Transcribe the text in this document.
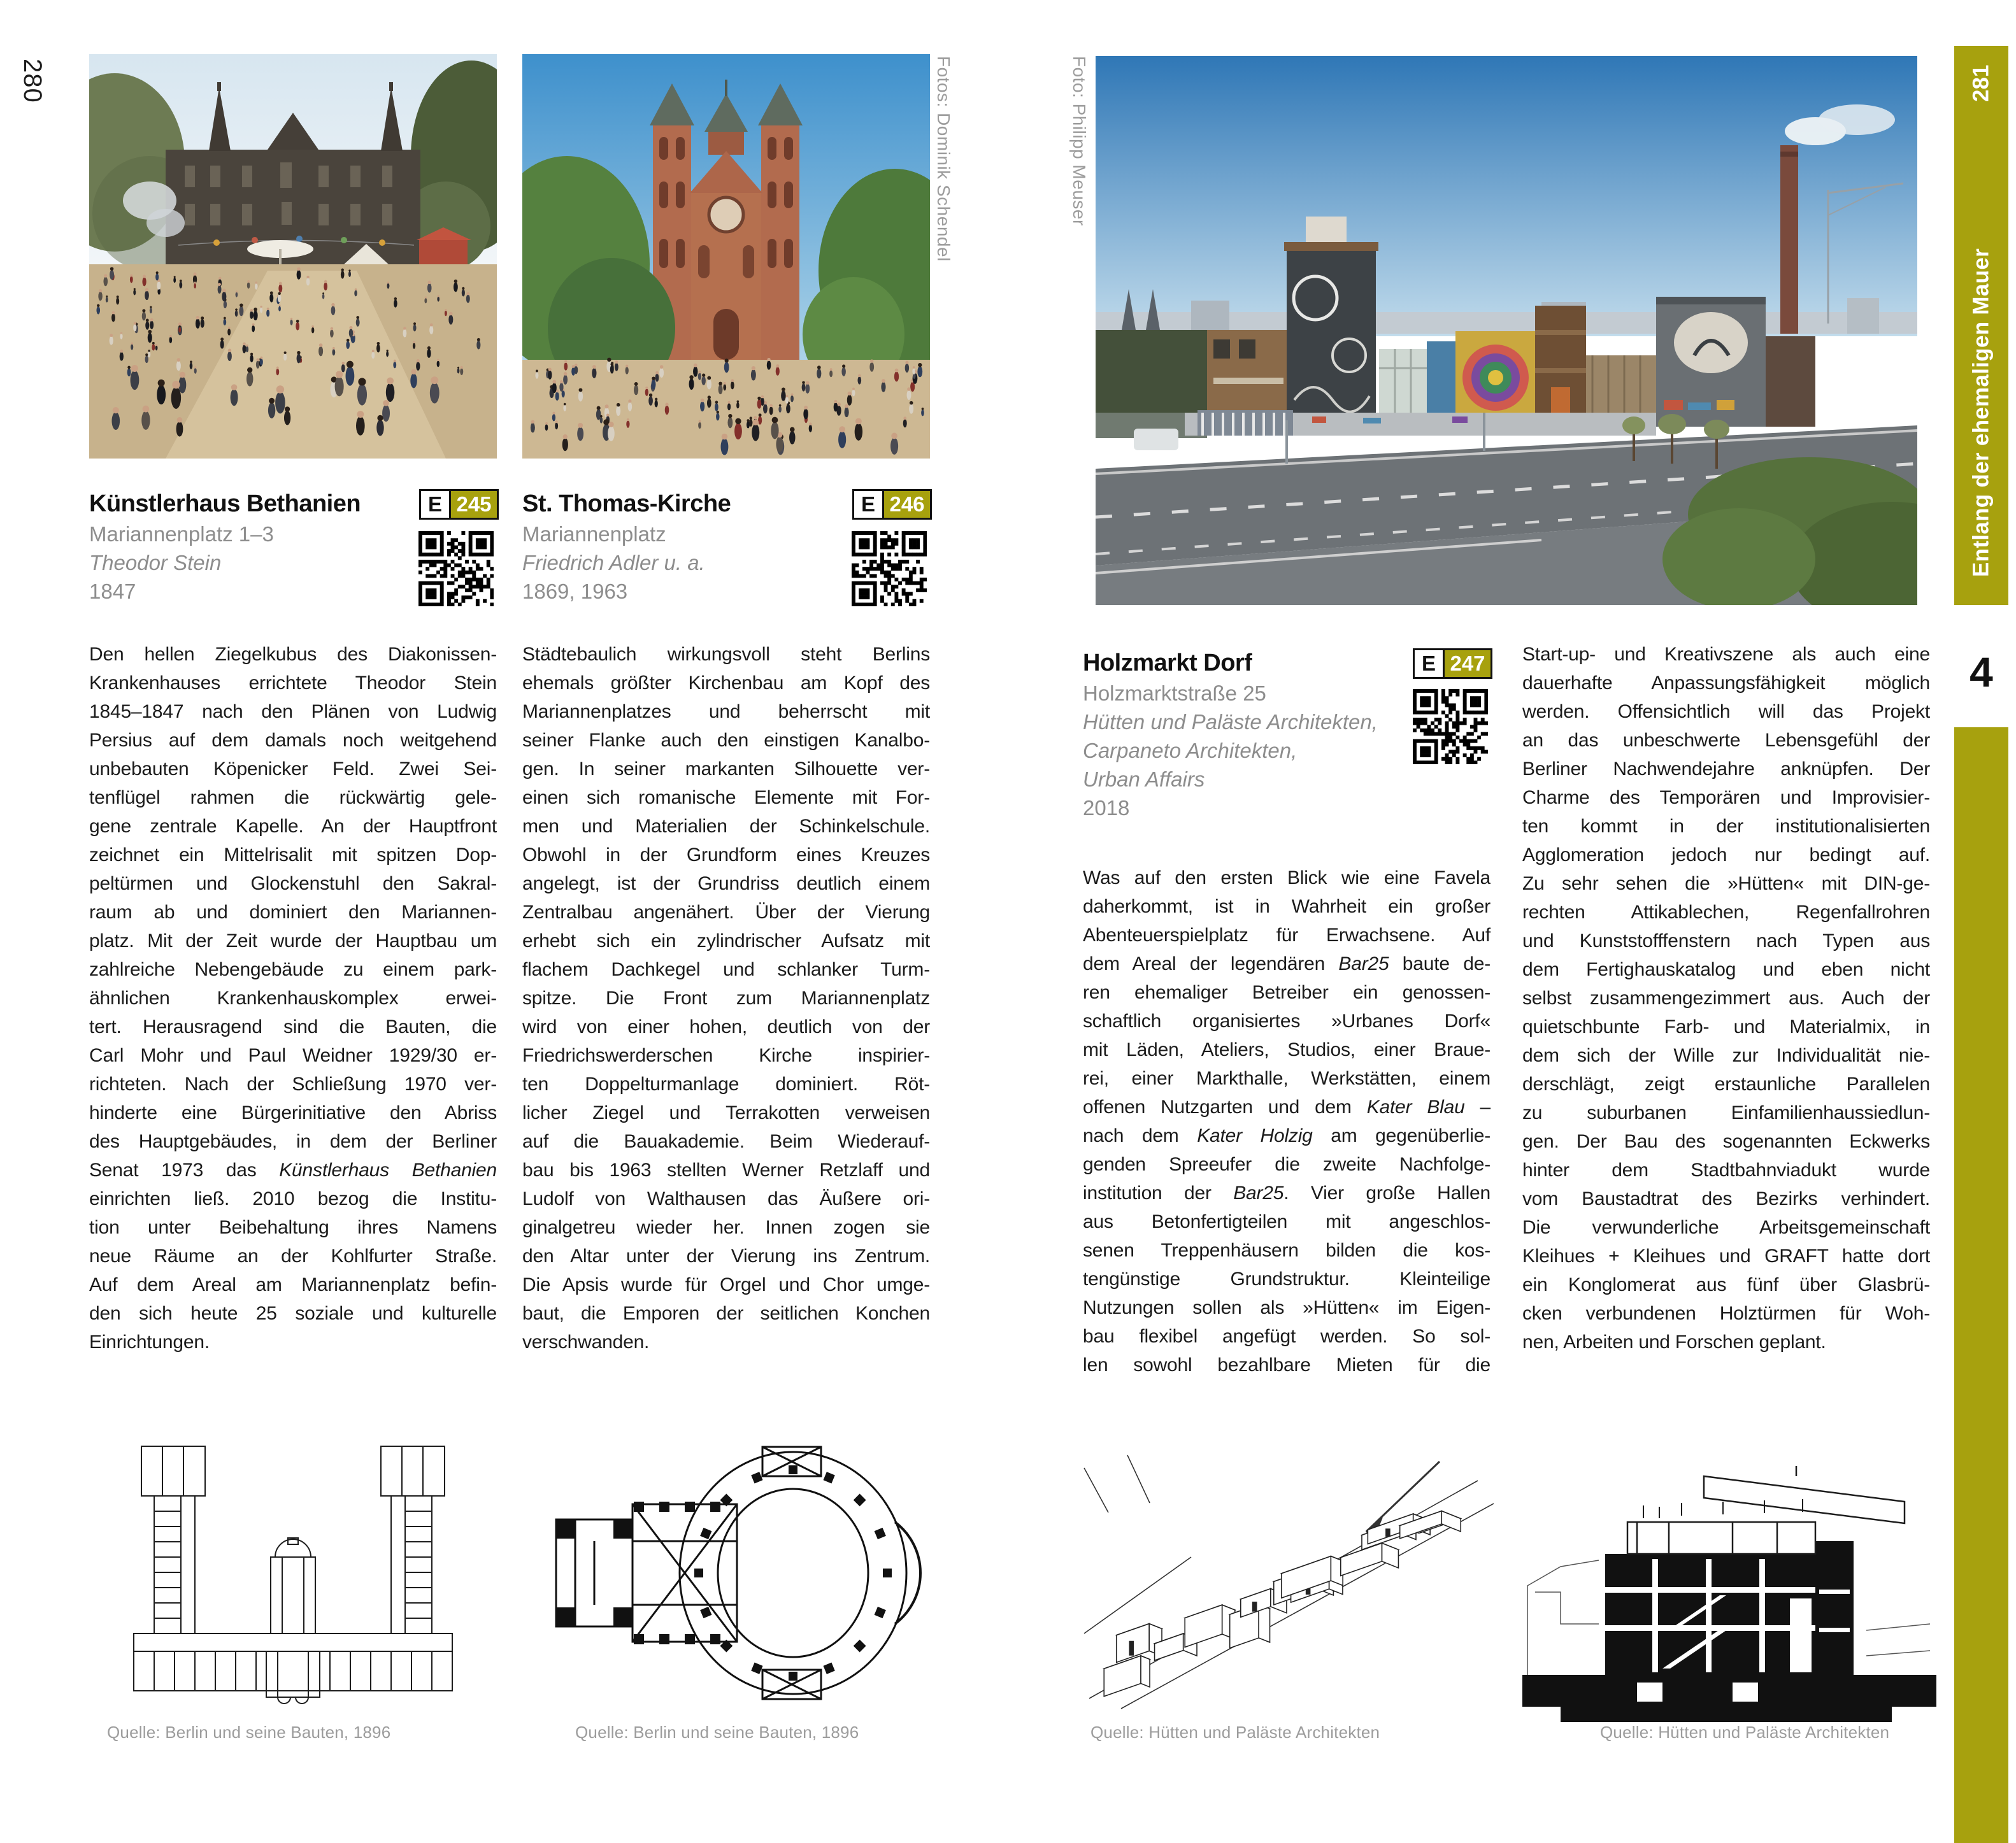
280	Fotos: Dominik Schendel	Foto: Philipp Meuser
Künstlerhaus Bethanien
Mariannenplatz 1–3
Theodor Stein
1847
E 245 St. Thomas-Kirche
Mariannenplatz
Friedrich Adler u. a.
1869, 1963
E 246
Den hellen Ziegelkubus des Diakonissen-
Krankenhauses errichtete Theodor Stein
1845–1847 nach den Plänen von Ludwig
Persius auf dem damals noch weitgehend
unbebauten Köpenicker Feld. Zwei Sei-
tenflügel rahmen die rückwärtig gele-
gene zentrale Kapelle. An der Hauptfront
zeichnet ein Mittelrisalit mit spitzen Dop-
peltürmen und Glockenstuhl den Sakral-
raum ab und dominiert den Mariannen-
platz. Mit der Zeit wurde der Hauptbau um
zahlreiche Nebengebäude zu einem park-
ähnlichen Krankenhauskomplex erwei-
tert. Herausragend sind die Bauten, die
Carl Mohr und Paul Weidner 1929/30 er-
richteten. Nach der Schließung 1970 ver-
hinderte eine Bürgerinitiative den Abriss
des Hauptgebäudes, in dem der Berliner
Senat 1973 das Künstlerhaus Bethanien
einrichten ließ. 2010 bezog die Institu-
tion unter Beibehaltung ihres Namens
neue Räume an der Kohlfurter Straße.
Auf dem Areal am Mariannenplatz befin-
den sich heute 25 soziale und kulturelle
Einrichtungen.
Städtebaulich wirkungsvoll steht Berlins
ehemals größter Kirchenbau am Kopf des
Mariannenplatzes und beherrscht mit
seiner Flanke auch den einstigen Kanalbo-
gen. In seiner markanten Silhouette ver-
einen sich romanische Elemente mit For-
men und Materialien der Schinkelschule.
Obwohl in der Grundform eines Kreuzes
angelegt, ist der Grundriss deutlich einem
Zentralbau angenähert. Über der Vierung
erhebt sich ein zylindrischer Aufsatz mit
flachem Dachkegel und schlanker Turm-
spitze. Die Front zum Mariannenplatz
wird von einer hohen, deutlich von der
Friedrichswerderschen Kirche inspirier-
ten Doppelturmanlage dominiert. Röt-
licher Ziegel und Terrakotten verweisen
auf die Bauakademie. Beim Wiederauf-
bau bis 1963 stellten Werner Retzlaff und
Ludolf von Walthausen das Äußere ori-
ginalgetreu wieder her. Innen zogen sie
den Altar unter der Vierung ins Zentrum.
Die Apsis wurde für Orgel und Chor umge-
baut, die Emporen der seitlichen Konchen
verschwanden.
Holzmarkt Dorf
Holzmarktstraße 25
Hütten und Paläste Architekten,
Carpaneto Architekten,
Urban Affairs
2018
E 247
Was auf den ersten Blick wie eine Favela
daherkommt, ist in Wahrheit ein großer
Abenteuerspielplatz für Erwachsene. Auf
dem Areal der legendären Bar25 baute de-
ren ehemaliger Betreiber ein genossen-
schaftlich organisiertes »Urbanes Dorf«
mit Läden, Ateliers, Studios, einer Braue-
rei, einer Markthalle, Werkstätten, einem
offenen Nutzgarten und dem Kater Blau –
nach dem Kater Holzig am gegenüberlie-
genden Spreeufer die zweite Nachfolge-
institution der Bar25. Vier große Hallen
aus Betonfertigteilen mit angeschlos-
senen Treppenhäusern bilden die kos-
tengünstige Grundstruktur. Kleinteilige
Nutzungen sollen als »Hütten« im Eigen-
bau flexibel angefügt werden. So sol-
len sowohl bezahlbare Mieten für die
Start-up- und Kreativszene als auch eine
dauerhafte Anpassungsfähigkeit möglich
werden. Offensichtlich will das Projekt
an das unbeschwerte Lebensgefühl der
Berliner Nachwendejahre anknüpfen. Der
Charme des Temporären und Improvisier-
ten kommt in der institutionalisierten
Agglomeration jedoch nur bedingt auf.
Zu sehr sehen die »Hütten« mit DIN-ge-
rechten Attikablechen, Regenfallrohren
und Kunststofffenstern nach Typen aus
dem Fertighauskatalog und eben nicht
selbst zusammengezimmert aus. Auch der
quietschbunte Farb- und Materialmix, in
dem sich der Wille zur Individualität nie-
derschlägt, zeigt erstaunliche Parallelen
zu suburbanen Einfamilienhaussiedlun-
gen. Der Bau des sogenannten Eckwerks
hinter dem Stadtbahnviadukt wurde
vom Baustadtrat des Bezirks verhindert.
Die verwunderliche Arbeitsgemeinschaft
Kleihues + Kleihues und GRAFT hatte dort
ein Konglomerat aus fünf über Glasbrü-
cken verbundenen Holztürmen für Woh-
nen, Arbeiten und Forschen geplant.
Quelle: Berlin und seine Bauten, 1896	Quelle: Berlin und seine Bauten, 1896	Quelle: Hütten und Paläste Architekten	Quelle: Hütten und Paläste Architekten
Entlang der ehemaligen Mauer
281
4
